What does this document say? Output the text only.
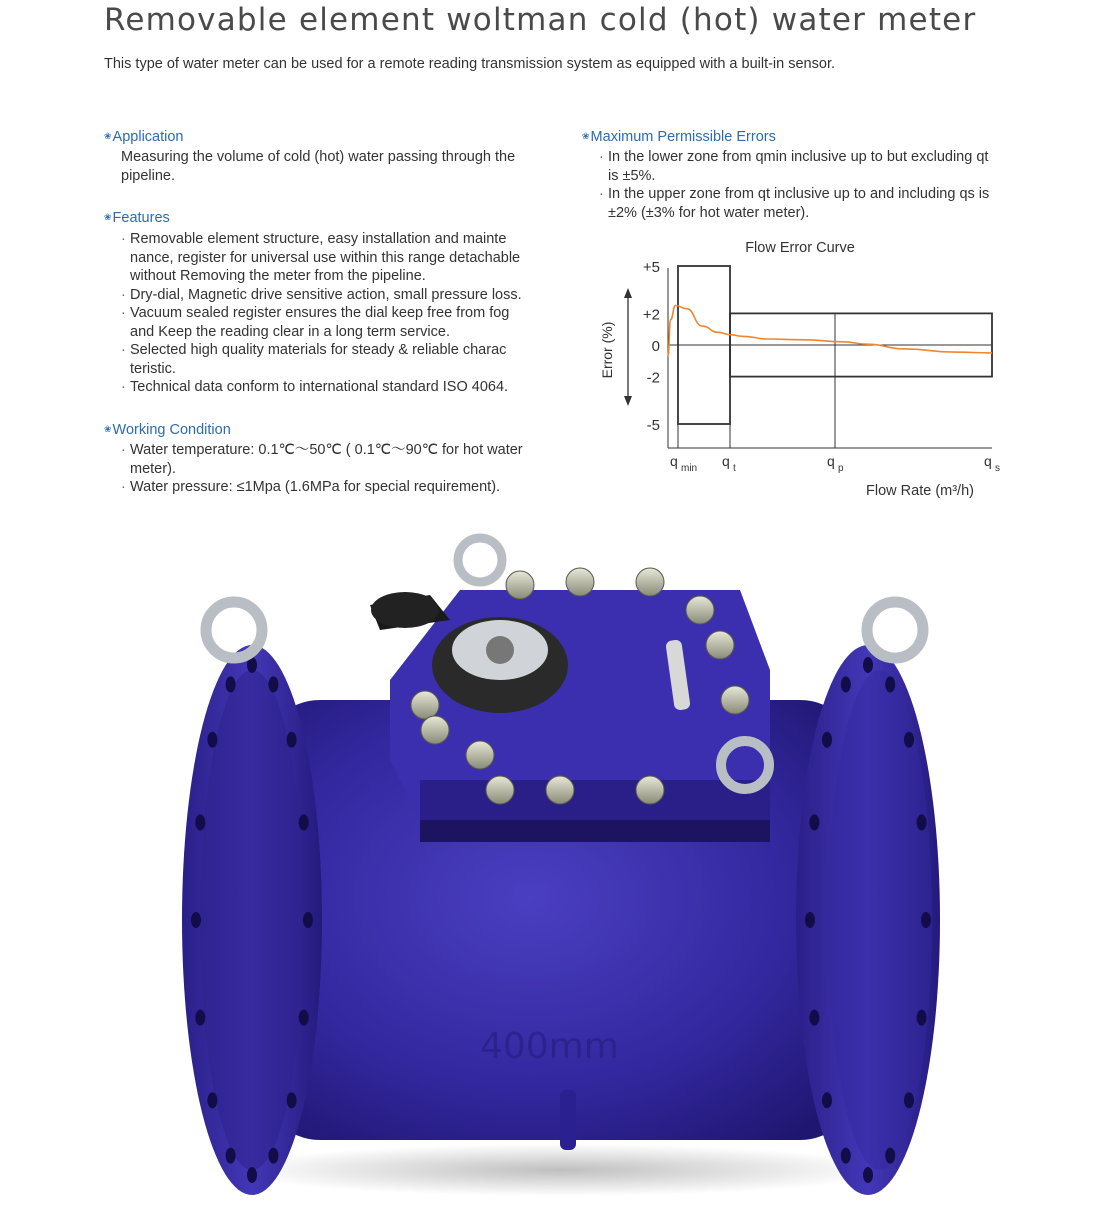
Removable element woltman cold (hot) water meter
This type of water meter can be used for a remote reading transmission system as equipped with a built-in sensor.
❀Application
Measuring the volume of cold (hot) water passing through the
pipeline.
❀Features
· Removable element structure, easy installation and mainte
nance, register for universal use within this range detachable
without Removing the meter from the pipeline.
· Dry-dial, Magnetic drive sensitive action, small pressure loss.
· Vacuum sealed register ensures the dial keep free from fog
and Keep the reading clear in a long term service.
· Selected high quality materials for steady & reliable charac
teristic.
· Technical data conform to international standard ISO 4064.
❀Working Condition
· Water temperature: 0.1℃～50℃ ( 0.1℃～90℃ for hot water
meter).
· Water pressure: ≤1Mpa (1.6MPa for special requirement).
❀Maximum Permissible Errors
· In the lower zone from qmin inclusive up to but excluding qt
is ±5%.
· In the upper zone from qt inclusive up to and including qs is
±2% (±3% for hot water meter).
Flow Error Curve
+5
+2
0
-2
-5
Error (%)
q min q t	q p	q s
Flow Rate (m³/h)
400mm
